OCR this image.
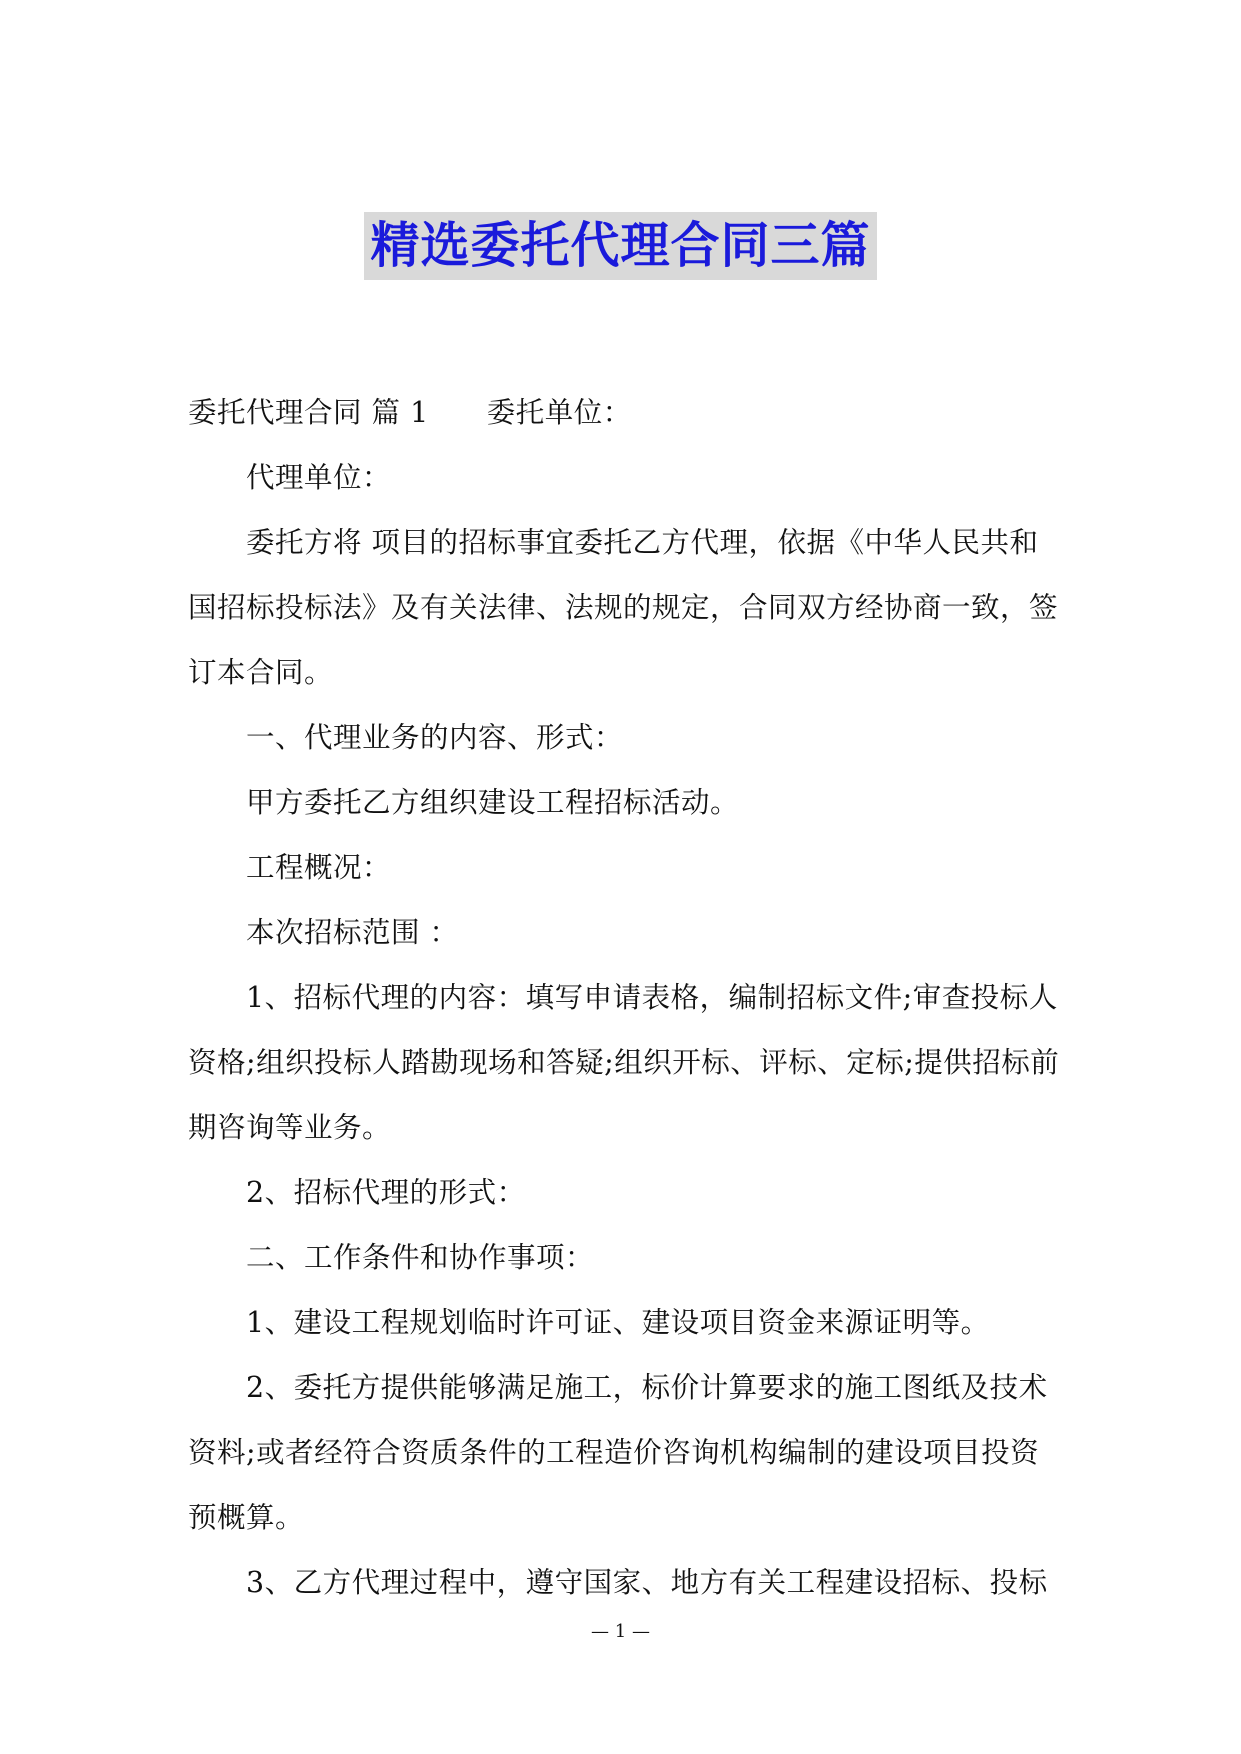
精选委托代理合同三篇
委托代理合同 篇 1 委托单位：
代理单位：
委托方将 项目的招标事宜委托乙方代理，依据《中华人民共和
国招标投标法》及有关法律、法规的规定，合同双方经协商一致，签
订本合同。
一、代理业务的内容、形式：
甲方委托乙方组织建设工程招标活动。
工程概况：
本次招标范围 ：
1、招标代理的内容：填写申请表格，编制招标文件;审查投标人
资格;组织投标人踏勘现场和答疑;组织开标、评标、定标;提供招标前
期咨询等业务。
2、招标代理的形式：
二、工作条件和协作事项：
1、建设工程规划临时许可证、建设项目资金来源证明等。
2、委托方提供能够满足施工，标价计算要求的施工图纸及技术
资料;或者经符合资质条件的工程造价咨询机构编制的建设项目投资
预概算。
3、乙方代理过程中，遵守国家、地方有关工程建设招标、投标
— 1 —
